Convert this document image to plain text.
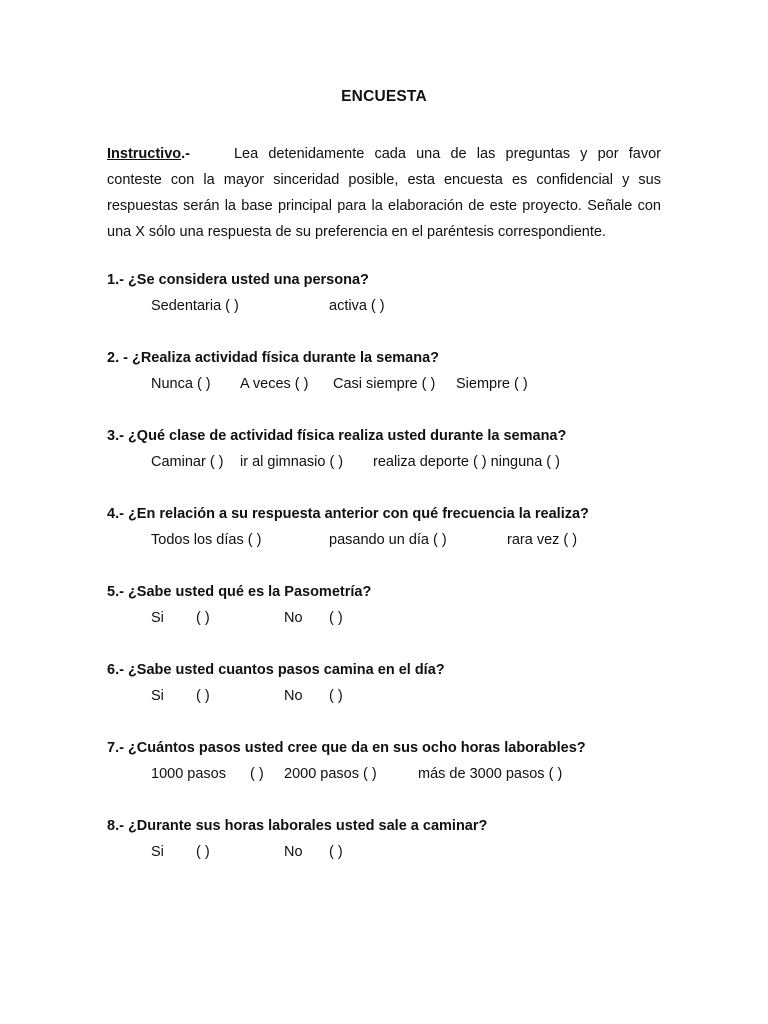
ENCUESTA
Instructivo.-	Lea detenidamente cada una de las preguntas y por favor conteste con la mayor sinceridad posible, esta encuesta es confidencial y sus respuestas serán la base principal para la elaboración de este proyecto. Señale con una X sólo una respuesta de su preferencia en el paréntesis correspondiente.
1.- ¿Se considera usted una persona?
Sedentaria ( )	activa ( )
2. - ¿Realiza actividad física durante la semana?
Nunca ( ) A veces ( ) Casi siempre ( ) Siempre ( )
3.- ¿Qué clase de actividad física realiza usted durante la semana?
Caminar ( ) ir al gimnasio ( ) realiza deporte ( ) ninguna ( )
4.- ¿En relación a su respuesta anterior con qué frecuencia la realiza?
Todos los días ( )	pasando un día ( )	rara vez ( )
5.- ¿Sabe usted qué es la Pasometría?
Si ( )	No ( )
6.- ¿Sabe usted cuantos pasos camina en el día?
Si ( )	No ( )
7.- ¿Cuántos pasos usted cree que da en sus ocho horas laborables?
1000 pasos ( ) 2000 pasos ( )	más de 3000 pasos ( )
8.- ¿Durante sus horas laborales usted sale a caminar?
Si ( )	No ( )
